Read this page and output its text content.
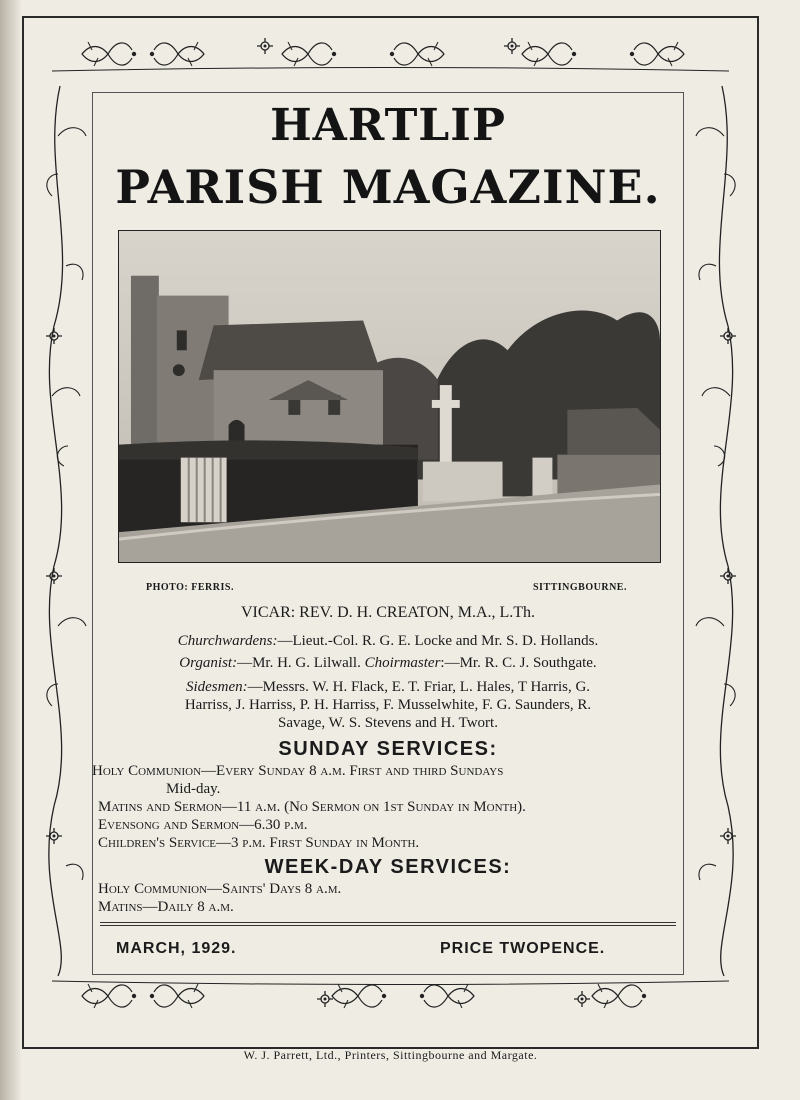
HARTLIP
PARISH MAGAZINE.
PHOTO: FERRIS.	SITTINGBOURNE.
VICAR: REV. D. H. CREATON, M.A., L.Th.
Churchwardens:—Lieut.-Col. R. G. E. Locke and Mr. S. D. Hollands.
Organist:—Mr. H. G. Lilwall. Choirmaster:—Mr. R. C. J. Southgate.
Sidesmen:—Messrs. W. H. Flack, E. T. Friar, L. Hales, T Harris, G.
Harriss, J. Harriss, P. H. Harriss, F. Musselwhite, F. G. Saunders, R.
Savage, W. S. Stevens and H. Twort.
SUNDAY SERVICES:
Holy Communion—Every Sunday 8 a.m. First and third Sundays
Mid-day.
Matins and Sermon—11 a.m. (No Sermon on 1st Sunday in Month).
Evensong and Sermon—6.30 p.m.
Children's Service—3 p.m. First Sunday in Month.
WEEK-DAY SERVICES:
Holy Communion—Saints' Days 8 a.m.
Matins—Daily 8 a.m.
MARCH, 1929.	PRICE TWOPENCE.
W. J. Parrett, Ltd., Printers, Sittingbourne and Margate.
